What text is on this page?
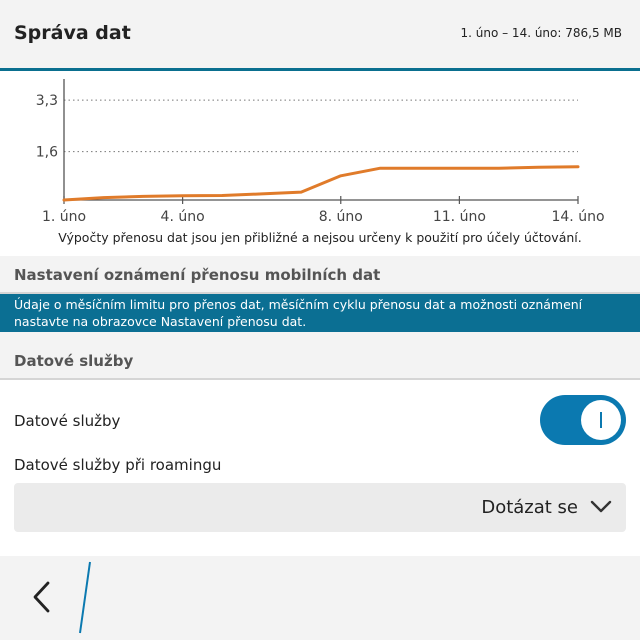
Správa dat	1. úno – 14. úno: 786,5 MB
3,3
1,6
1. úno	4. úno	8. úno	11. úno	14. úno
Výpočty přenosu dat jsou jen přibližné a nejsou určeny k použití pro účely účtování.
Nastavení oznámení přenosu mobilních dat
Údaje o měsíčním limitu pro přenos dat, měsíčním cyklu přenosu dat a možnosti oznámení
nastavte na obrazovce Nastavení přenosu dat.
Datové služby
Datové služby
Datové služby při roamingu
Dotázat se
